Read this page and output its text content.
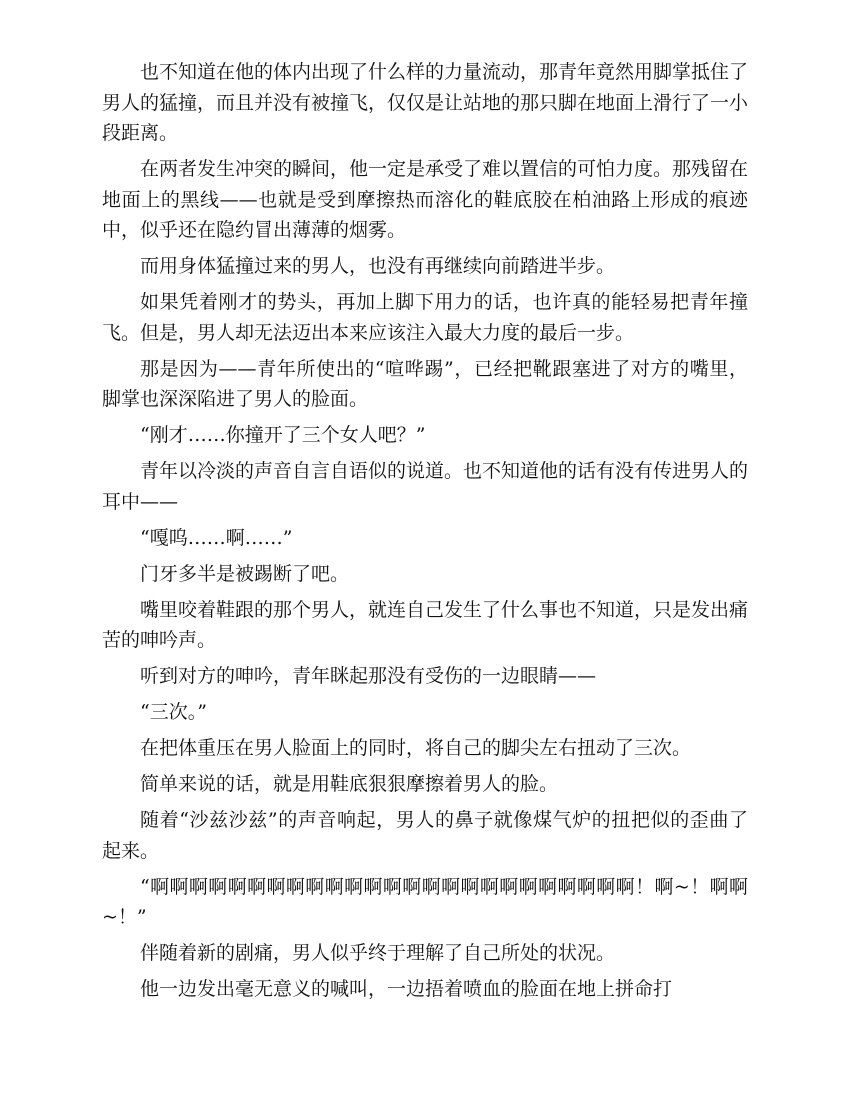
也不知道在他的体内出现了什么样的力量流动，那青年竟然用脚掌抵住了男人的猛撞，而且并没有被撞飞，仅仅是让站地的那只脚在地面上滑行了一小段距离。

在两者发生冲突的瞬间，他一定是承受了难以置信的可怕力度。那残留在地面上的黑线——也就是受到摩擦热而溶化的鞋底胶在柏油路上形成的痕迹中，似乎还在隐约冒出薄薄的烟雾。

而用身体猛撞过来的男人，也没有再继续向前踏进半步。

如果凭着刚才的势头，再加上脚下用力的话，也许真的能轻易把青年撞飞。但是，男人却无法迈出本来应该注入最大力度的最后一步。

那是因为——青年所使出的“喧哗踢”，已经把靴跟塞进了对方的嘴里，脚掌也深深陷进了男人的脸面。

“刚才……你撞开了三个女人吧？”

青年以冷淡的声音自言自语似的说道。也不知道他的话有没有传进男人的耳中——

“嘎呜……啊……”

门牙多半是被踢断了吧。

嘴里咬着鞋跟的那个男人，就连自己发生了什么事也不知道，只是发出痛苦的呻吟声。

听到对方的呻吟，青年眯起那没有受伤的一边眼睛——

“三次。”

在把体重压在男人脸面上的同时，将自己的脚尖左右扭动了三次。

简单来说的话，就是用鞋底狠狠摩擦着男人的脸。

随着“沙兹沙兹”的声音响起，男人的鼻子就像煤气炉的扭把似的歪曲了起来。

“啊啊啊啊啊啊啊啊啊啊啊啊啊啊啊啊啊啊啊啊啊啊啊啊啊！啊~！啊啊~！”

伴随着新的剧痛，男人似乎终于理解了自己所处的状况。

他一边发出毫无意义的喊叫，一边捂着喷血的脸面在地上拼命打
